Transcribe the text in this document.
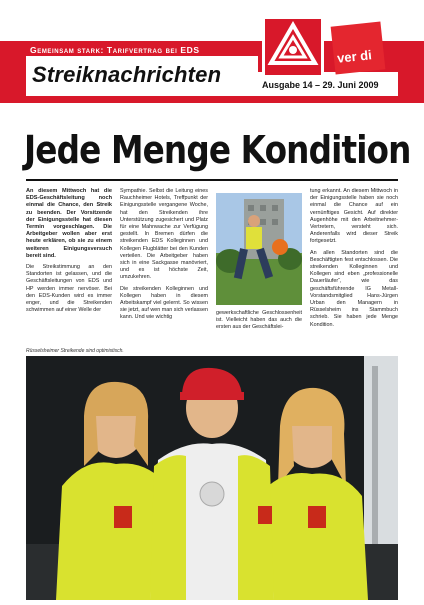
Gemeinsam stark: Tarifvertrag bei EDS
Streiknachrichten	Ausgabe 14 – 29. Juni 2009
ver di
Jede Menge Kondition

An diesem Mittwoch hat die EDS-Geschäftsleitung noch einmal die Chance, den Streik zu beenden. Der Vorsitzende der Einigungsstelle hat diesen Termin vorgeschlagen. Die Arbeitgeber wollen aber erst heute erklären, ob sie zu einem weiteren Einigungsversuch bereit sind.

Die Streikstimmung an den Standorten ist gelassen, und die Geschäftsleitungen von EDS und HP werden immer nervöser. Bei den EDS-Kunden wird es immer enger, und die Streikenden schwimmen auf einer Welle der

Sympathie. Selbst die Leitung eines Rauchheimer Hotels, Treffpunkt der Einigungsstelle vergangene Woche, hat den Streikenden ihre Unterstützung zugesichert und Platz für eine Mahnwache zur Verfügung gestellt. In Bremen dürfen die streikenden EDS Kolleginnen und Kollegen Flugblätter bei den Kunden verteilen. Die Arbeitgeber haben sich in eine Sackgasse manövriert, und es ist höchste Zeit, umzukehren.

Die streikenden Kolleginnen und Kollegen haben in diesem Arbeitskampf viel gelernt. So wissen sie jetzt, auf wen man sich verlassen kann. Und wie wichtig

gewerkschaftliche Geschlossenheit ist. Vielleicht haben das auch die ersten aus der Geschäftslei-

tung erkannt. An diesem Mittwoch in der Einigungsstelle haben sie noch einmal die Chance auf ein vernünftiges Gesicht. Auf direkter Augenhöhe mit den Arbeitnehmer-Vertretern, versteht sich. Anderenfalls wird dieser Streik fortgesetzt.

An allen Standorten sind die Beschäftigten fest entschlossen. Die streikenden Kolleginnen und Kollegen sind eben „professionelle Dauerläufer“, wie das geschäftsführende IG Metall-Vorstandsmitglied Hans-Jürgen Urban den Managern in Rüsselsheim ins Stammbuch schrieb. Sie haben jede Menge Kondition.

Rüsselsheimer Streikende sind optimistisch.
